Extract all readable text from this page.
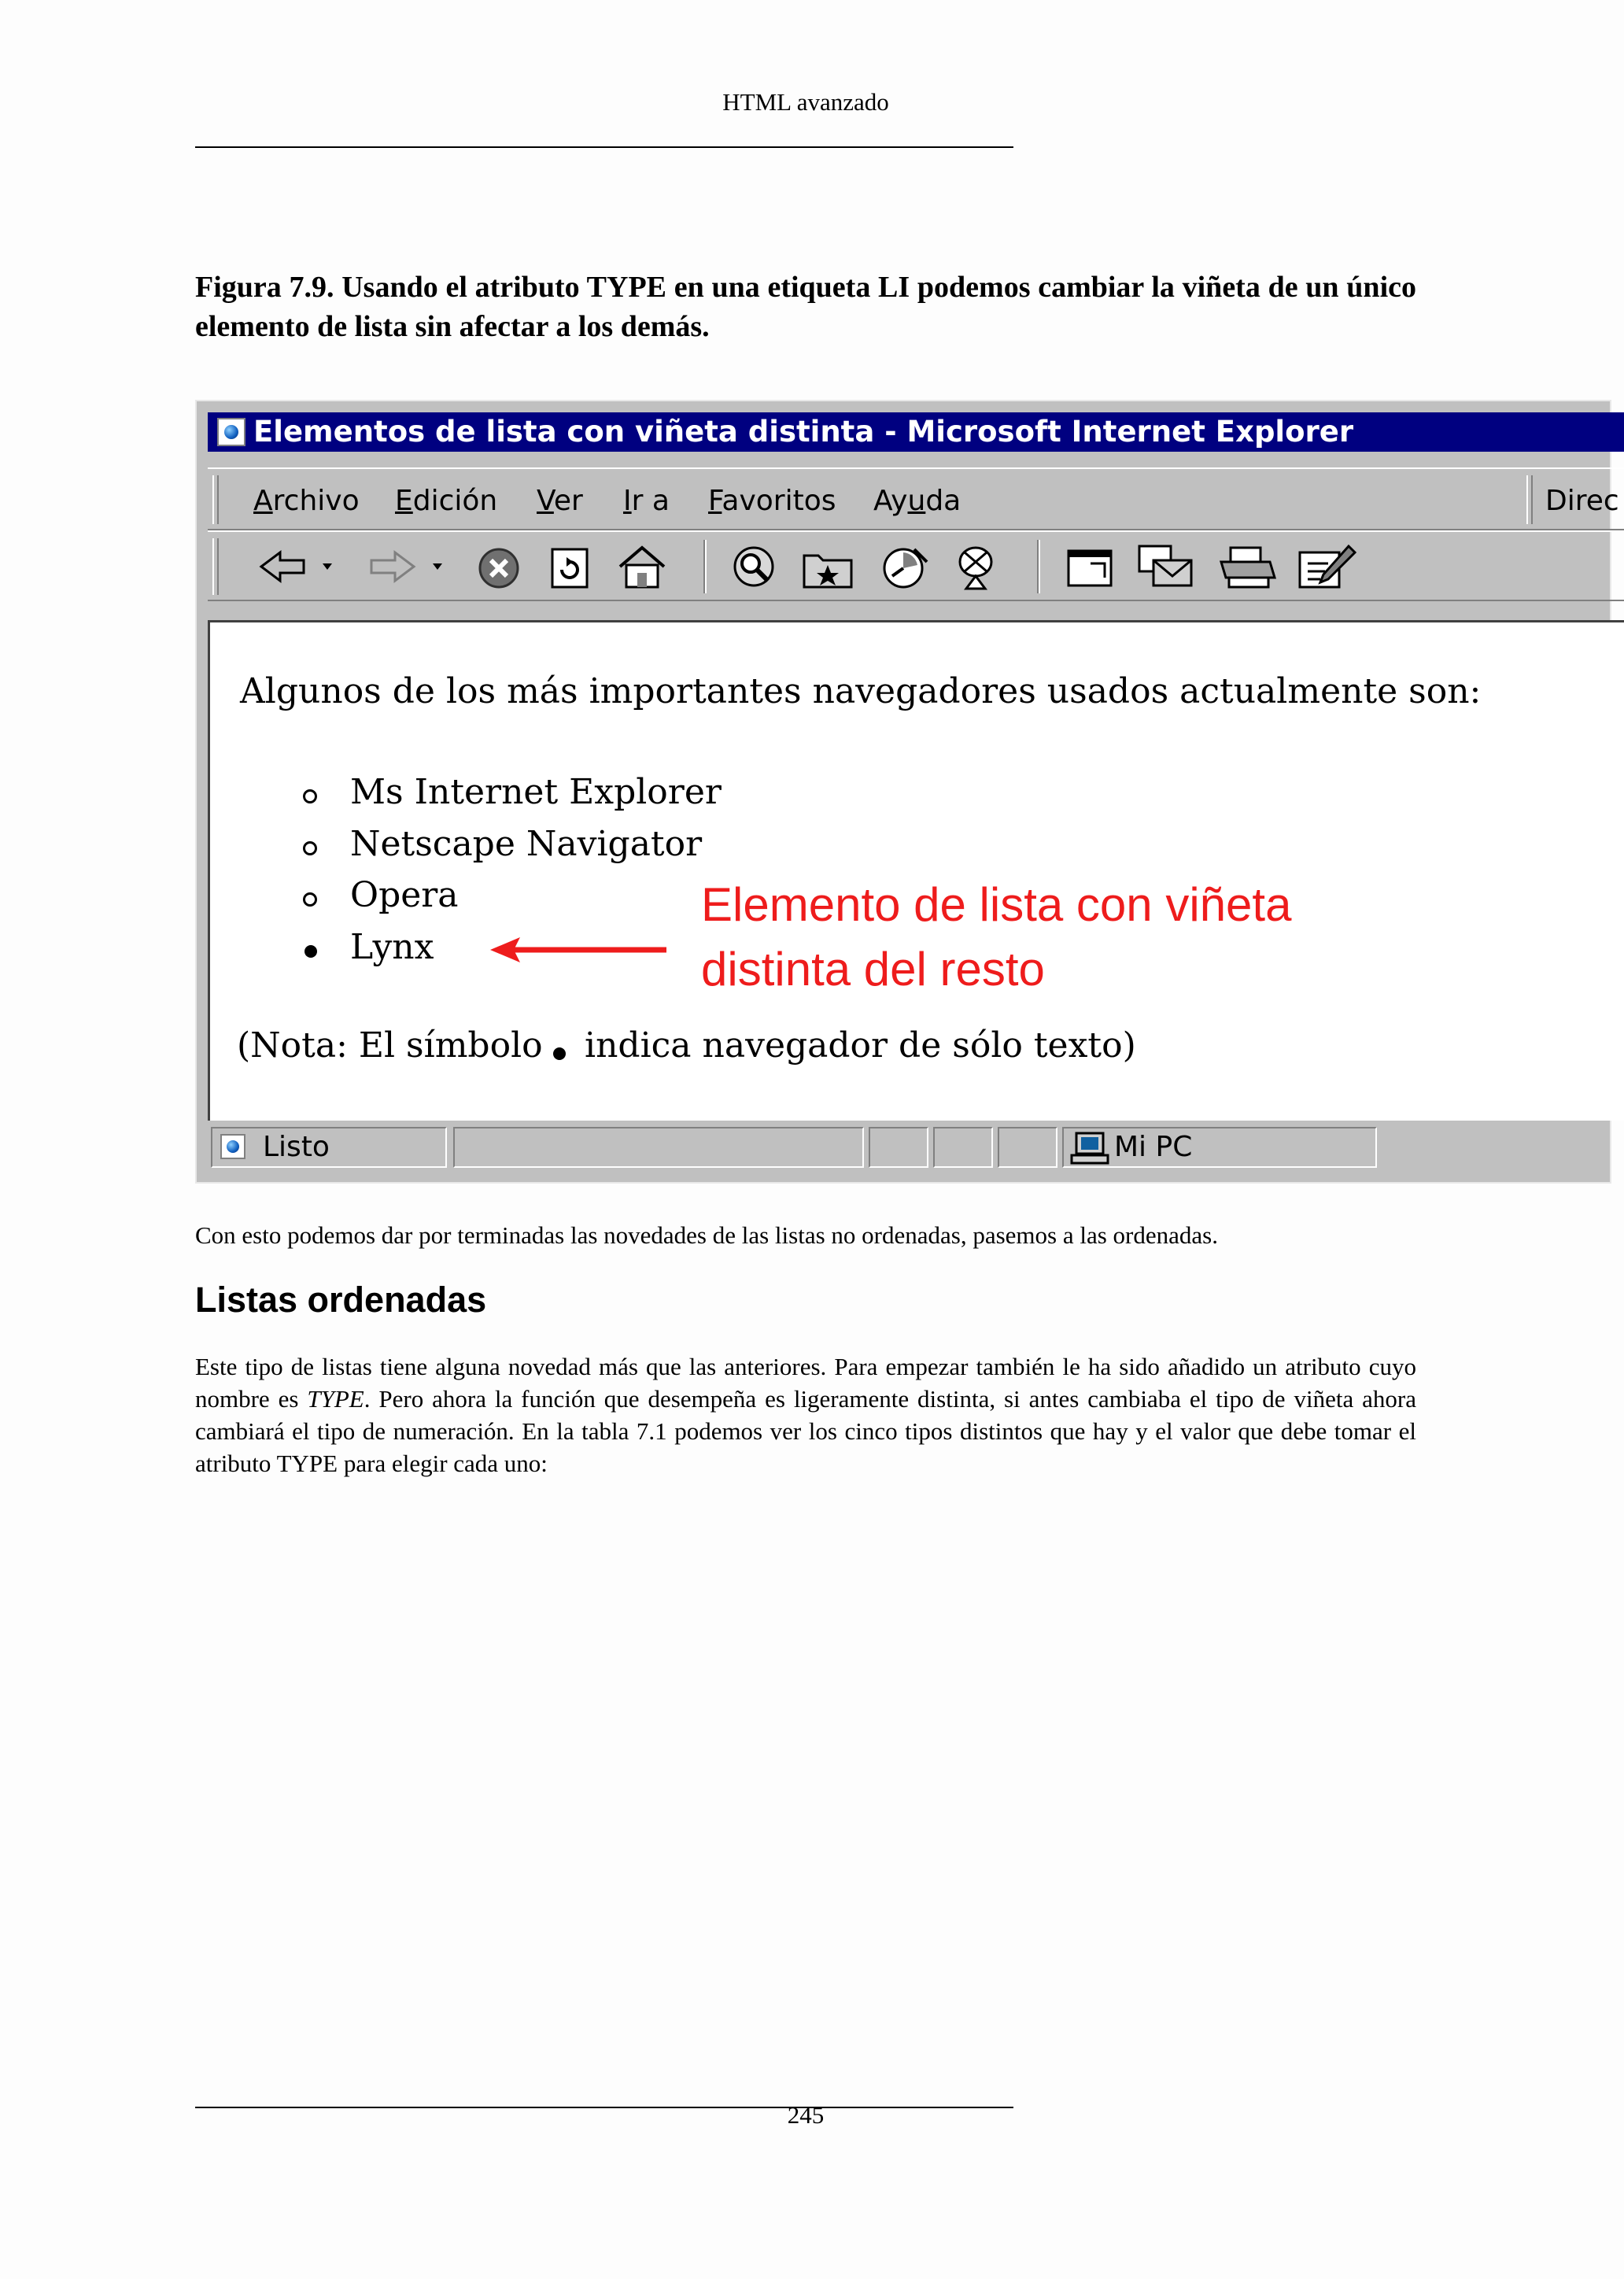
HTML avanzado
Figura 7.9. Usando el atributo TYPE en una etiqueta LI podemos cambiar la viñeta de un único elemento de lista sin afectar a los demás.
Elementos de lista con viñeta distinta - Microsoft Internet Explorer
Archivo Edición Ver Ir a Favoritos Ayuda	Direc
Algunos de los más importantes navegadores usados actualmente son:
Ms Internet Explorer
Netscape Navigator
Opera
Lynx
Elemento de lista con viñeta
distinta del resto
(Nota: El símbolo indica navegador de sólo texto)
Listo	Mi PC
Con esto podemos dar por terminadas las novedades de las listas no ordenadas, pasemos a las ordenadas.
Listas ordenadas
Este tipo de listas tiene alguna novedad más que las anteriores. Para empezar también le ha sido añadido un atributo cuyo nombre es TYPE. Pero ahora la función que desempeña es ligeramente distinta, si antes cambiaba el tipo de viñeta ahora cambiará el tipo de numeración. En la tabla 7.1 podemos ver los cinco tipos distintos que hay y el valor que debe tomar el atributo TYPE para elegir cada uno:
245
